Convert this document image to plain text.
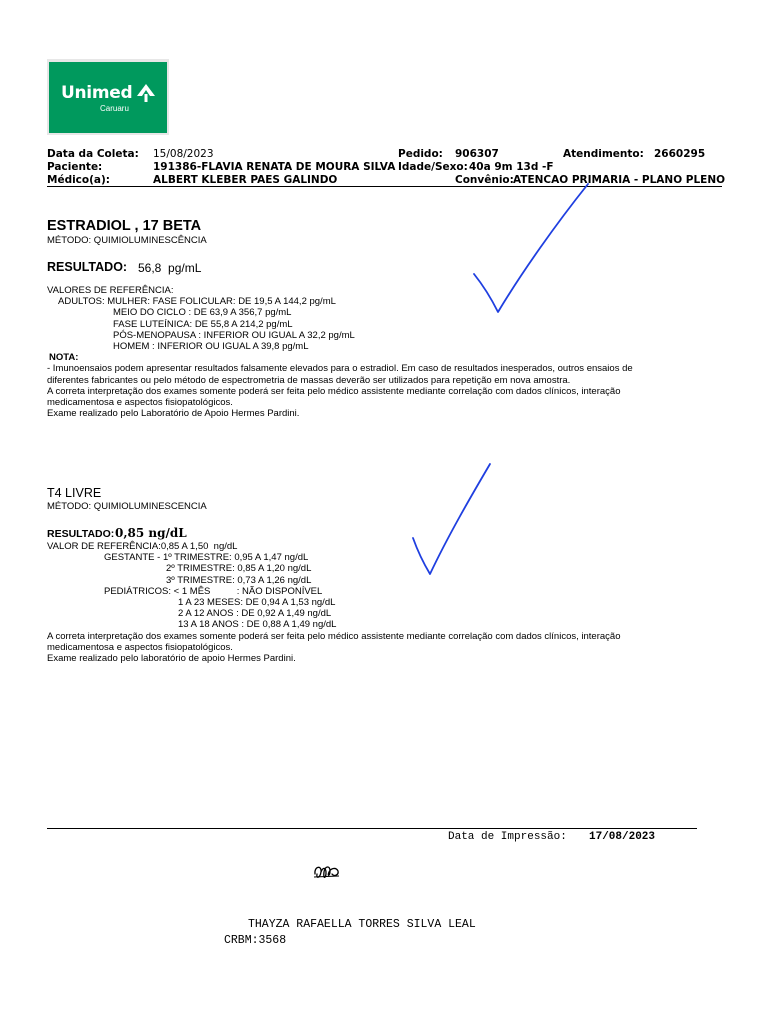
Unimed
Caruaru
Data da Coleta: 15/08/2023	Pedido: 906307	Atendimento: 2660295
Paciente:	191386-FLAVIA RENATA DE MOURA SILVA Idade/Sexo: 40a 9m 13d -F
Médico(a):	ALBERT KLEBER PAES GALINDO	Convênio: ATENCAO PRIMARIA - PLANO PLENO
ESTRADIOL , 17 BETA
MÉTODO: QUIMIOLUMINESCÊNCIA
RESULTADO: 56,8  pg/mL
VALORES DE REFERÊNCIA:
ADULTOS: MULHER: FASE FOLICULAR: DE 19,5 A 144,2 pg/mL
MEIO DO CICLO : DE 63,9 A 356,7 pg/mL
FASE LUTEÍNICA: DE 55,8 A 214,2 pg/mL
PÓS-MENOPAUSA : INFERIOR OU IGUAL A 32,2 pg/mL
HOMEM : INFERIOR OU IGUAL A 39,8 pg/mL
NOTA:
- Imunoensaios podem apresentar resultados falsamente elevados para o estradiol. Em caso de resultados inesperados, outros ensaios de
diferentes fabricantes ou pelo método de espectrometria de massas deverão ser utilizados para repetição em nova amostra.
A correta interpretação dos exames somente poderá ser feita pelo médico assistente mediante correlação com dados clínicos, interação
medicamentosa e aspectos fisiopatológicos.
Exame realizado pelo Laboratório de Apoio Hermes Pardini.
T4 LIVRE
MÉTODO: QUIMIOLUMINESCENCIA
RESULTADO: 0,85 ng/dL
VALOR DE REFERÊNCIA:0,85 A 1,50  ng/dL
GESTANTE - 1º TRIMESTRE: 0,95 A 1,47 ng/dL
2º TRIMESTRE: 0,85 A 1,20 ng/dL
3º TRIMESTRE: 0,73 A 1,26 ng/dL
PEDIÁTRICOS: < 1 MÊS          : NÃO DISPONÍVEL
1 A 23 MESES: DE 0,94 A 1,53 ng/dL
2 A 12 ANOS : DE 0,92 A 1,49 ng/dL
13 A 18 ANOS : DE 0,88 A 1,49 ng/dL
A correta interpretação dos exames somente poderá ser feita pelo médico assistente mediante correlação com dados clínicos, interação
medicamentosa e aspectos fisiopatológicos.
Exame realizado pelo laboratório de apoio Hermes Pardini.
Data de Impressão: 17/08/2023
THAYZA RAFAELLA TORRES SILVA LEAL
CRBM:3568
